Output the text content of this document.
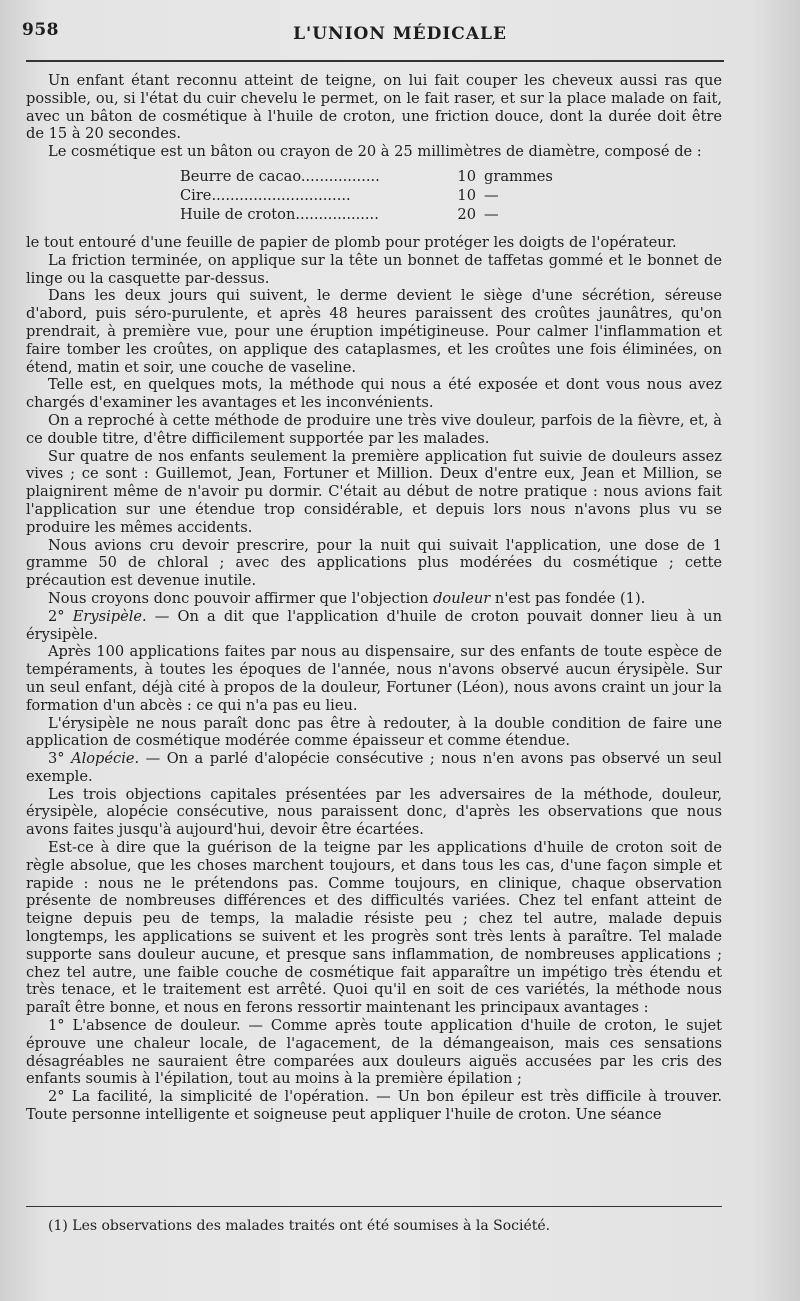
958	L'UNION MÉDICALE

Un enfant étant reconnu atteint de teigne, on lui fait couper les cheveux aussi ras que possible, ou, si l'état du cuir chevelu le permet, on le fait raser, et sur la place malade on fait, avec un bâton de cosmétique à l'huile de croton, une friction douce, dont la durée doit être de 15 à 20 secondes.

Le cosmétique est un bâton ou crayon de 20 à 25 millimètres de diamètre, composé de :

Beurre de cacao.................	10 grammes
Cire..............................	10 —
Huile de croton..................	20 —

le tout entouré d'une feuille de papier de plomb pour protéger les doigts de l'opérateur.

La friction terminée, on applique sur la tête un bonnet de taffetas gommé et le bonnet de linge ou la casquette par-dessus.

Dans les deux jours qui suivent, le derme devient le siège d'une sécrétion, séreuse d'abord, puis séro-purulente, et après 48 heures paraissent des croûtes jaunâtres, qu'on prendrait, à première vue, pour une éruption impétigineuse. Pour calmer l'inflammation et faire tomber les croûtes, on applique des cataplasmes, et les croûtes une fois éliminées, on étend, matin et soir, une couche de vaseline.

Telle est, en quelques mots, la méthode qui nous a été exposée et dont vous nous avez chargés d'examiner les avantages et les inconvénients.

On a reproché à cette méthode de produire une très vive douleur, parfois de la fièvre, et, à ce double titre, d'être difficilement supportée par les malades.

Sur quatre de nos enfants seulement la première application fut suivie de douleurs assez vives ; ce sont : Guillemot, Jean, Fortuner et Million. Deux d'entre eux, Jean et Million, se plaignirent même de n'avoir pu dormir. C'était au début de notre pratique : nous avions fait l'application sur une étendue trop considérable, et depuis lors nous n'avons plus vu se produire les mêmes accidents.

Nous avions cru devoir prescrire, pour la nuit qui suivait l'application, une dose de 1 gramme 50 de chloral ; avec des applications plus modérées du cosmétique ; cette précaution est devenue inutile.

Nous croyons donc pouvoir affirmer que l'objection douleur n'est pas fondée (1).

2° Erysipèle. — On a dit que l'application d'huile de croton pouvait donner lieu à un érysipèle.

Après 100 applications faites par nous au dispensaire, sur des enfants de toute espèce de tempéraments, à toutes les époques de l'année, nous n'avons observé aucun érysipèle. Sur un seul enfant, déjà cité à propos de la douleur, Fortuner (Léon), nous avons craint un jour la formation d'un abcès : ce qui n'a pas eu lieu.

L'érysipèle ne nous paraît donc pas être à redouter, à la double condition de faire une application de cosmétique modérée comme épaisseur et comme étendue.

3° Alopécie. — On a parlé d'alopécie consécutive ; nous n'en avons pas observé un seul exemple.

Les trois objections capitales présentées par les adversaires de la méthode, douleur, érysipèle, alopécie consécutive, nous paraissent donc, d'après les observations que nous avons faites jusqu'à aujourd'hui, devoir être écartées.

Est-ce à dire que la guérison de la teigne par les applications d'huile de croton soit de règle absolue, que les choses marchent toujours, et dans tous les cas, d'une façon simple et rapide : nous ne le prétendons pas. Comme toujours, en clinique, chaque observation présente de nombreuses différences et des difficultés variées. Chez tel enfant atteint de teigne depuis peu de temps, la maladie résiste peu ; chez tel autre, malade depuis longtemps, les applications se suivent et les progrès sont très lents à paraître. Tel malade supporte sans douleur aucune, et presque sans inflammation, de nombreuses applications ; chez tel autre, une faible couche de cosmétique fait apparaître un impétigo très étendu et très tenace, et le traitement est arrêté. Quoi qu'il en soit de ces variétés, la méthode nous paraît être bonne, et nous en ferons ressortir maintenant les principaux avantages :

1° L'absence de douleur. — Comme après toute application d'huile de croton, le sujet éprouve une chaleur locale, de l'agacement, de la démangeaison, mais ces sensations désagréables ne sauraient être comparées aux douleurs aiguës accusées par les cris des enfants soumis à l'épilation, tout au moins à la première épilation ;

2° La facilité, la simplicité de l'opération. — Un bon épileur est très difficile à trouver. Toute personne intelligente et soigneuse peut appliquer l'huile de croton. Une séance

(1) Les observations des malades traités ont été soumises à la Société.
